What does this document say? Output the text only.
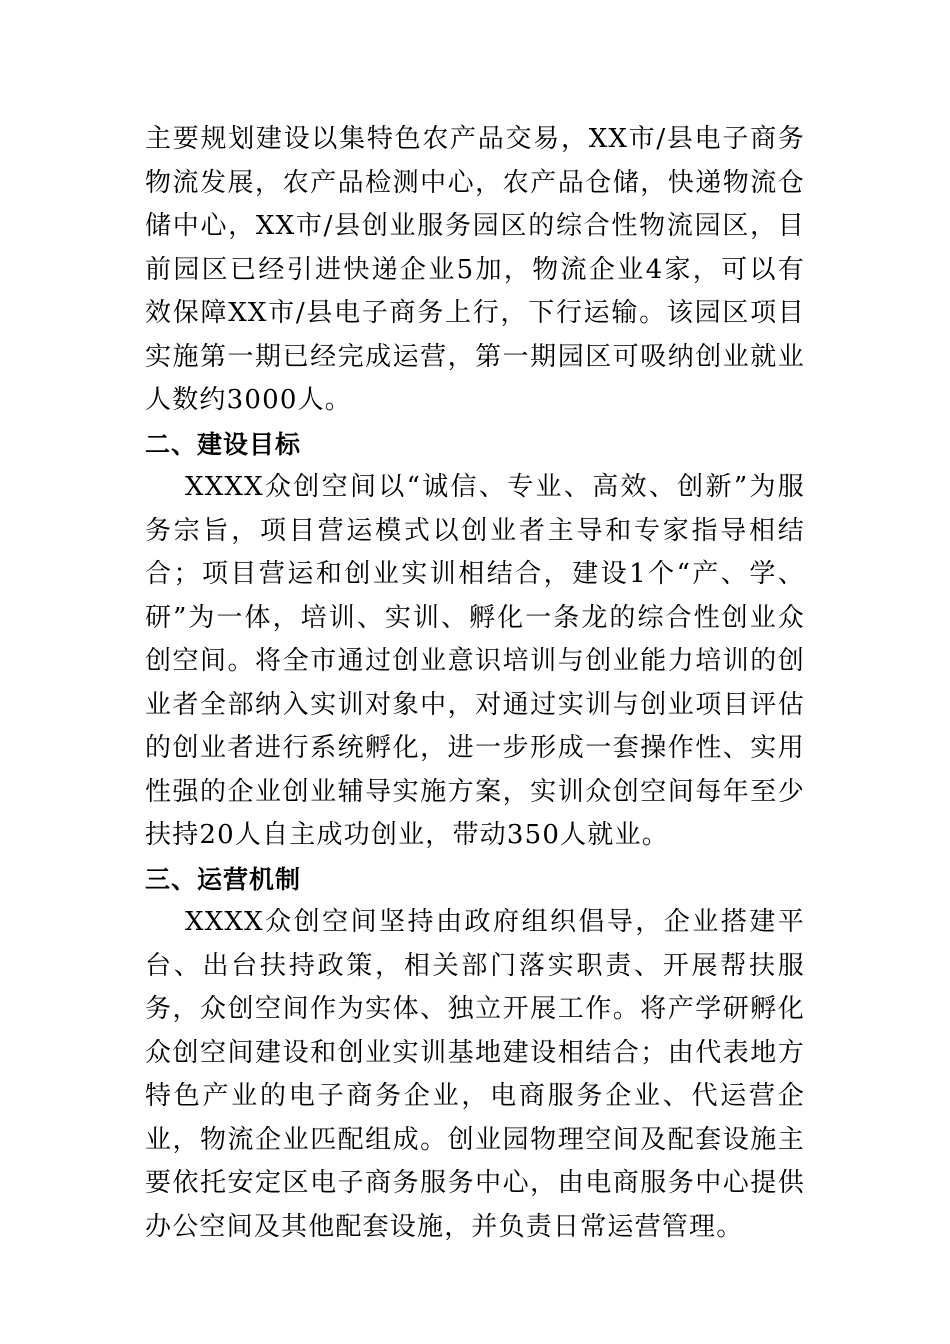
主要规划建设以集特色农产品交易，XX市/县电子商务物流发展，农产品检测中心，农产品仓储，快递物流仓储中心，XX市/县创业服务园区的综合性物流园区，目前园区已经引进快递企业5加，物流企业4家，可以有效保障XX市/县电子商务上行，下行运输。该园区项目实施第一期已经完成运营，第一期园区可吸纳创业就业人数约3000人。

二、建设目标

XXXX众创空间以“诚信、专业、高效、创新”为服务宗旨，项目营运模式以创业者主导和专家指导相结合；项目营运和创业实训相结合，建设1个“产、学、研”为一体，培训、实训、孵化一条龙的综合性创业众创空间。将全市通过创业意识培训与创业能力培训的创业者全部纳入实训对象中，对通过实训与创业项目评估的创业者进行系统孵化，进一步形成一套操作性、实用性强的企业创业辅导实施方案，实训众创空间每年至少扶持20人自主成功创业，带动350人就业。

三、运营机制

XXXX众创空间坚持由政府组织倡导，企业搭建平台、出台扶持政策，相关部门落实职责、开展帮扶服务，众创空间作为实体、独立开展工作。将产学研孵化众创空间建设和创业实训基地建设相结合；由代表地方特色产业的电子商务企业，电商服务企业、代运营企业，物流企业匹配组成。创业园物理空间及配套设施主要依托安定区电子商务服务中心，由电商服务中心提供办公空间及其他配套设施，并负责日常运营管理。
